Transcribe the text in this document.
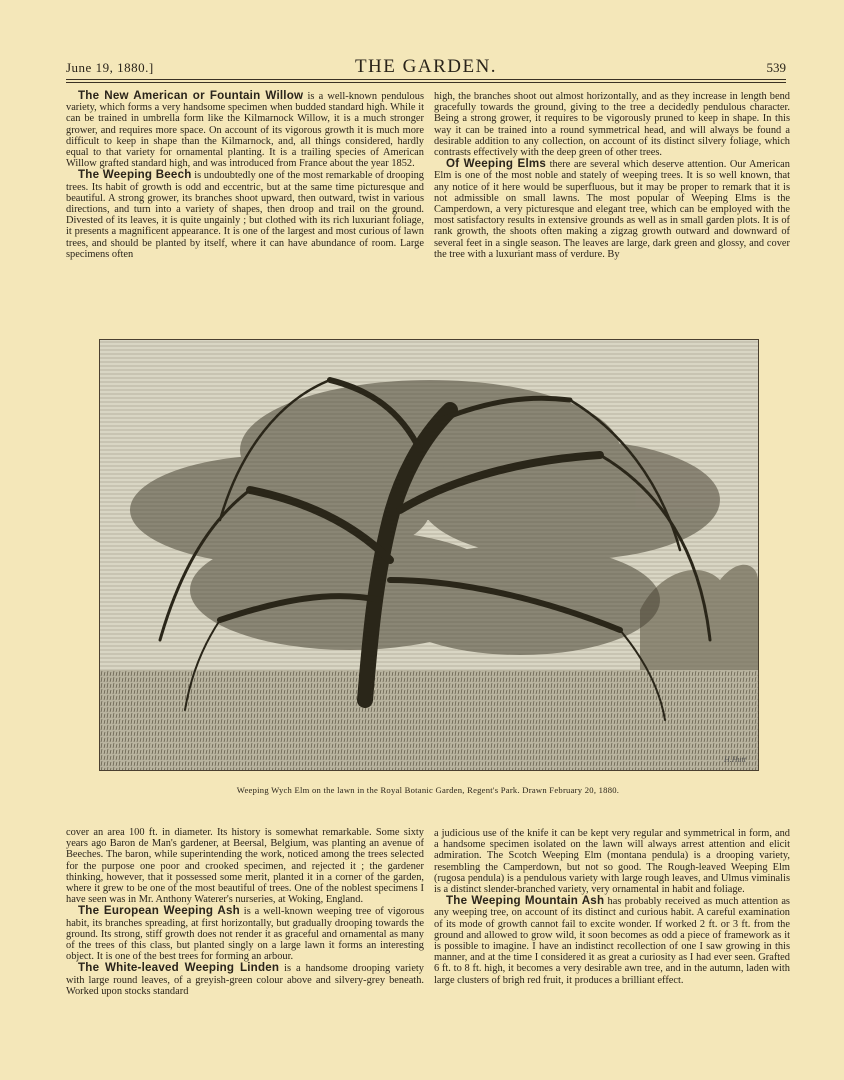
June 19, 1880.]	THE GARDEN.	539

The New American or Fountain Willow is a well-known pendulous variety, which forms a very handsome specimen when budded standard high. While it can be trained in umbrella form like the Kilmarnock Willow, it is a much stronger grower, and requires more space. On account of its vigorous growth it is much more difficult to keep in shape than the Kilmarnock, and, all things considered, hardly equal to that variety for ornamental planting. It is a trailing species of American Willow grafted standard high, and was introduced from France about the year 1852.

The Weeping Beech is undoubtedly one of the most remarkable of drooping trees. Its habit of growth is odd and eccentric, but at the same time picturesque and beautiful. A strong grower, its branches shoot upward, then outward, twist in various directions, and turn into a variety of shapes, then droop and trail on the ground. Divested of its leaves, it is quite ungainly ; but clothed with its rich luxuriant foliage, it presents a magnificent appearance. It is one of the largest and most curious of lawn trees, and should be planted by itself, where it can have abundance of room. Large specimens often

high, the branches shoot out almost horizontally, and as they increase in length bend gracefully towards the ground, giving to the tree a decidedly pendulous character. Being a strong grower, it requires to be vigorously pruned to keep in shape. In this way it can be trained into a round symmetrical head, and will always be found a desirable addition to any collection, on account of its distinct silvery foliage, which contrasts effectively with the deep green of other trees.

Of Weeping Elms there are several which deserve attention. Our American Elm is one of the most noble and stately of weeping trees. It is so well known, that any notice of it here would be superfluous, but it may be proper to remark that it is not admissible on small lawns. The most popular of Weeping Elms is the Camperdown, a very picturesque and elegant tree, which can be employed with the most satisfactory results in extensive grounds as well as in small garden plots. It is of rank growth, the shoots often making a zigzag growth outward and downward of several feet in a single season. The leaves are large, dark green and glossy, and cover the tree with a luxuriant mass of verdure. By

H.Hutt
Weeping Wych Elm on the lawn in the Royal Botanic Garden, Regent's Park. Drawn February 20, 1880.

cover an area 100 ft. in diameter. Its history is somewhat remarkable. Some sixty years ago Baron de Man's gardener, at Beersal, Belgium, was planting an avenue of Beeches. The baron, while superintending the work, noticed among the trees selected for the purpose one poor and crooked specimen, and rejected it ; the gardener thinking, however, that it possessed some merit, planted it in a corner of the garden, where it grew to be one of the most beautiful of trees. One of the noblest specimens I have seen was in Mr. Anthony Waterer's nurseries, at Woking, England.

The European Weeping Ash is a well-known weeping tree of vigorous habit, its branches spreading, at first horizontally, but gradually drooping towards the ground. Its strong, stiff growth does not render it as graceful and ornamental as many of the trees of this class, but planted singly on a large lawn it forms an interesting object. It is one of the best trees for forming an arbour.

The White-leaved Weeping Linden is a handsome drooping variety with large round leaves, of a greyish-green colour above and silvery-grey beneath. Worked upon stocks standard

a judicious use of the knife it can be kept very regular and symmetrical in form, and a handsome specimen isolated on the lawn will always arrest attention and elicit admiration. The Scotch Weeping Elm (montana pendula) is a drooping variety, resembling the Camperdown, but not so good. The Rough-leaved Weeping Elm (rugosa pendula) is a pendulous variety with large rough leaves, and Ulmus viminalis is a distinct slender-branched variety, very ornamental in habit and foliage.

The Weeping Mountain Ash has probably received as much attention as any weeping tree, on account of its distinct and curious habit. A careful examination of its mode of growth cannot fail to excite wonder. If worked 2 ft. or 3 ft. from the ground and allowed to grow wild, it soon becomes as odd a piece of framework as it is possible to imagine. I have an indistinct recollection of one I saw growing in this manner, and at the time I considered it as great a curiosity as I had ever seen. Grafted 6 ft. to 8 ft. high, it becomes a very desirable awn tree, and in the autumn, laden with large clusters of brigh red fruit, it produces a brilliant effect.
